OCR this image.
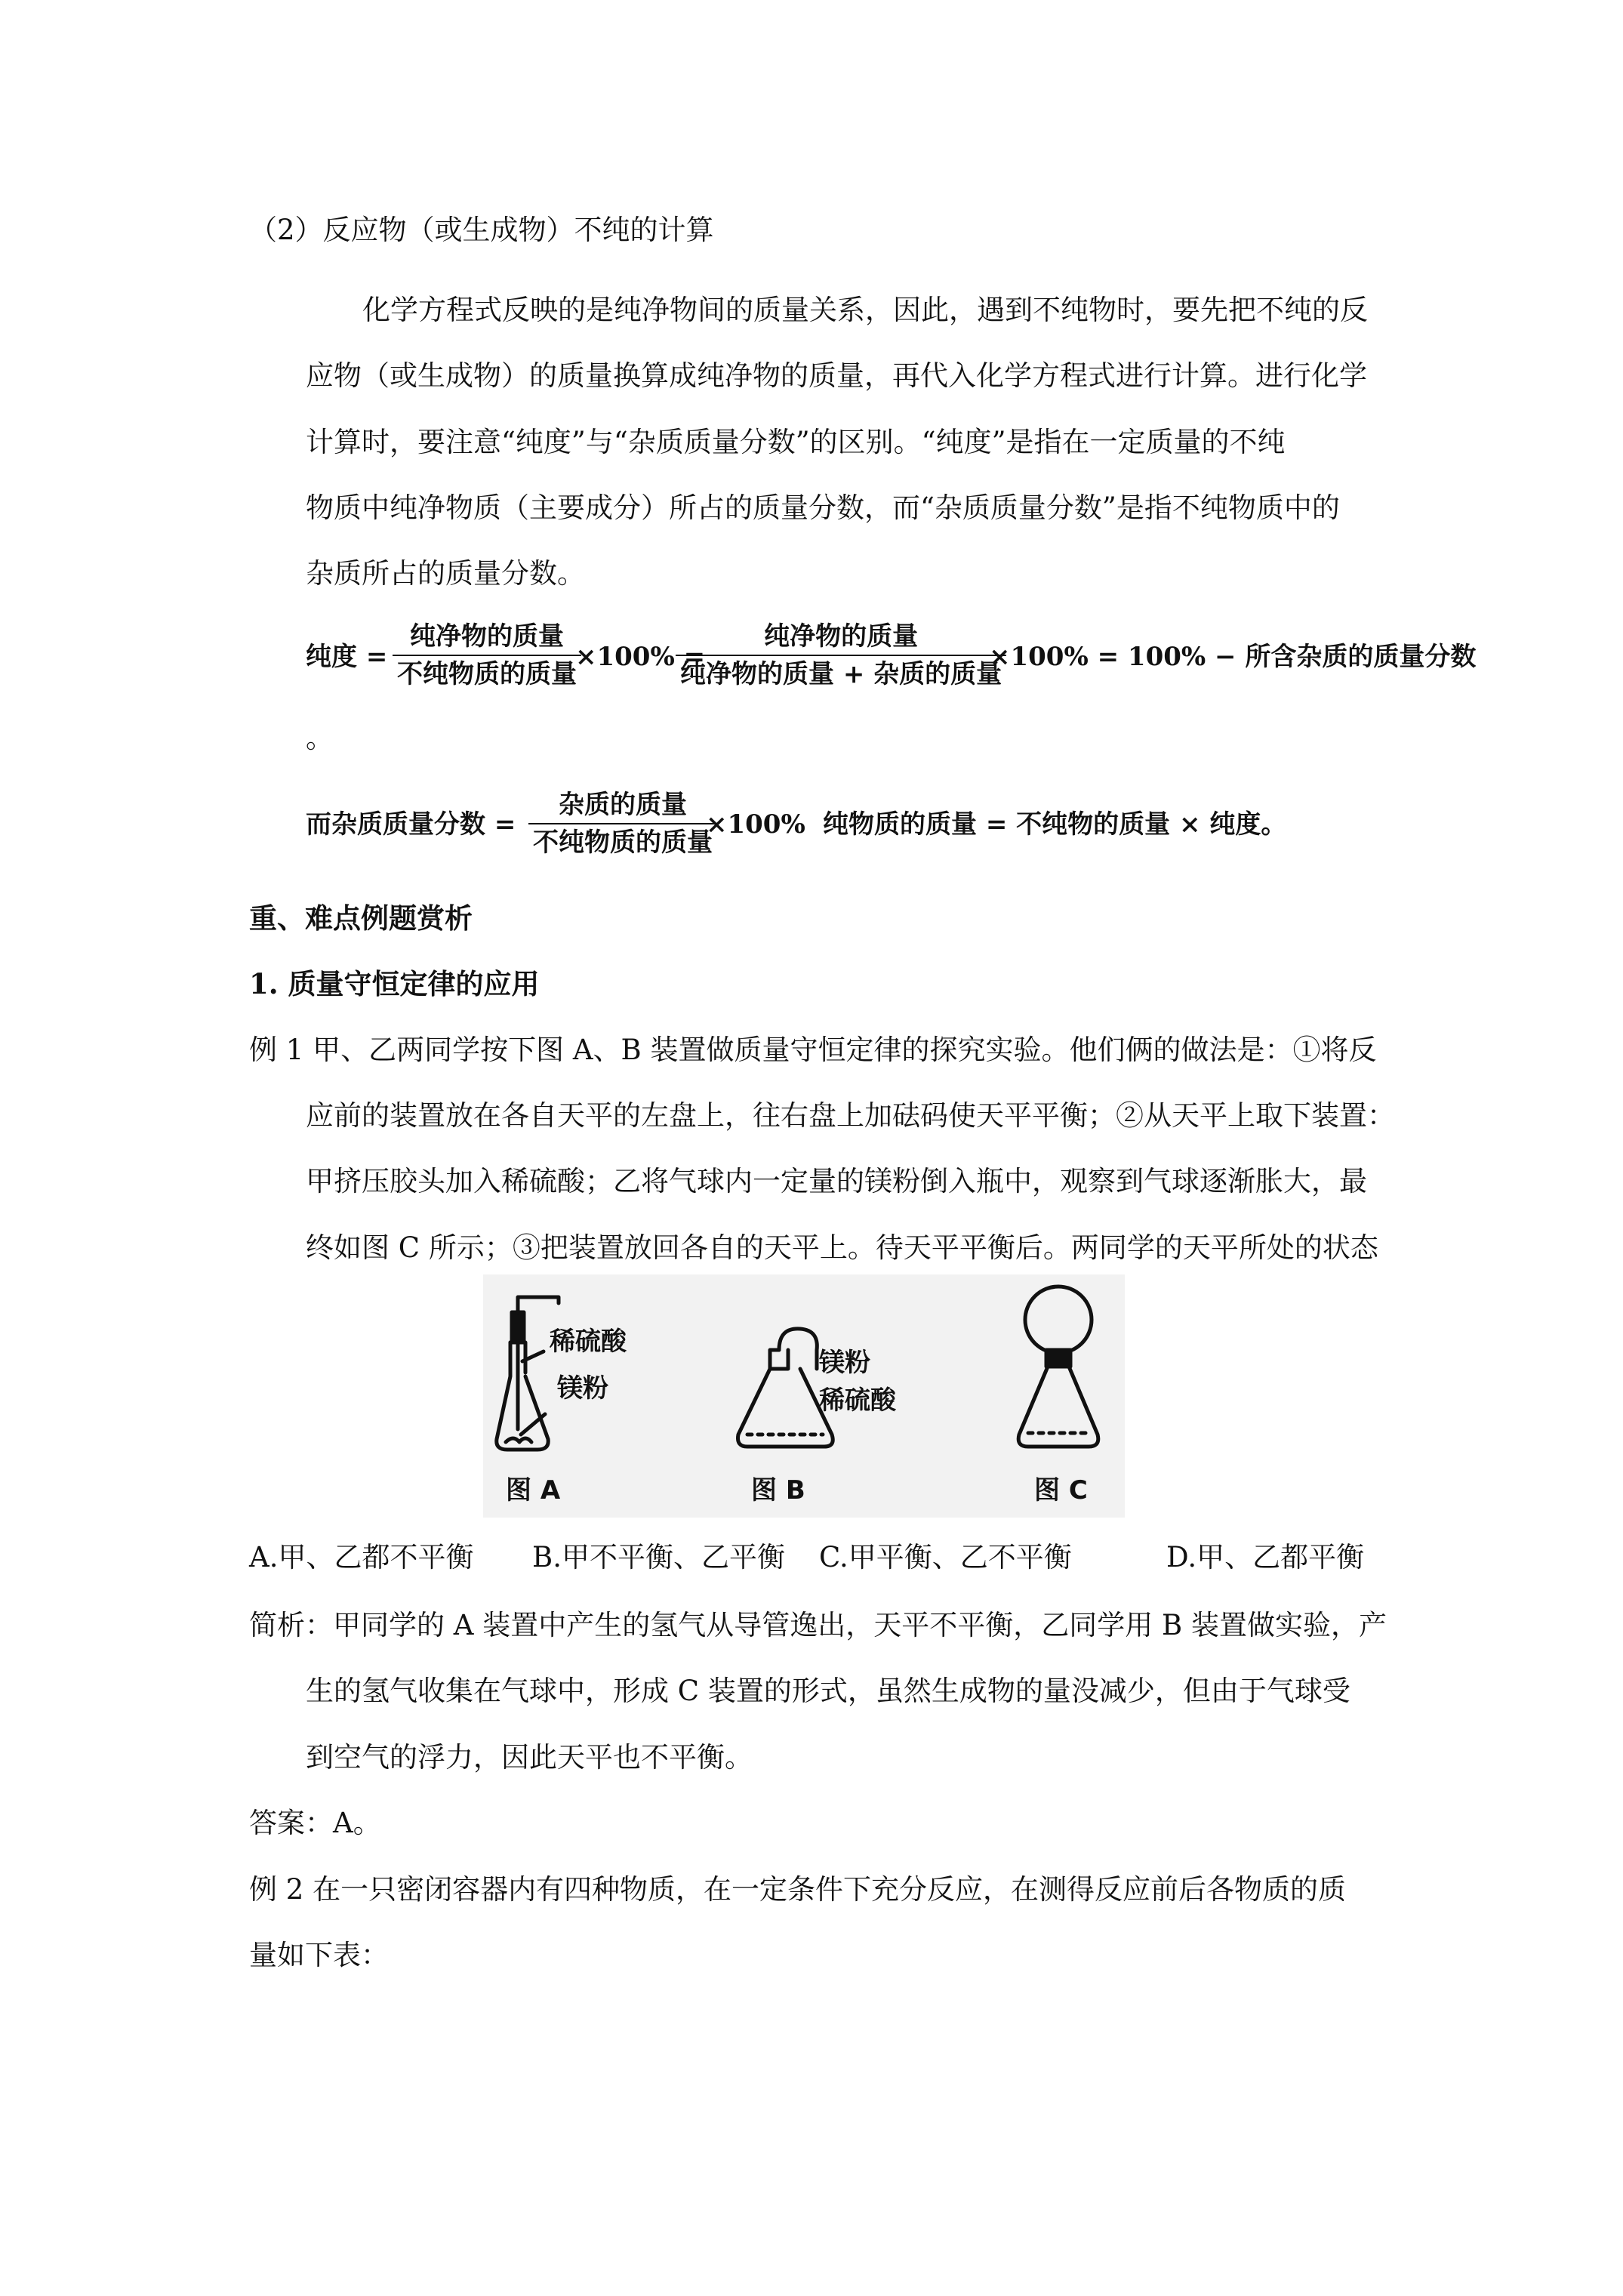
（2）反应物（或生成物）不纯的计算
化学方程式反映的是纯净物间的质量关系，因此，遇到不纯物时，要先把不纯的反
应物（或生成物）的质量换算成纯净物的质量，再代入化学方程式进行计算。进行化学
计算时，要注意“纯度”与“杂质质量分数”的区别。“纯度”是指在一定质量的不纯
物质中纯净物质（主要成分）所占的质量分数，而“杂质质量分数”是指不纯物质中的
杂质所占的质量分数。
纯度 =
纯净物的质量
不纯物质的质量
×100% =
纯净物的质量
纯净物的质量 + 杂质的质量
×100% = 100% − 所含杂质的质量分数
。
而杂质质量分数 =
杂质的质量
不纯物质的质量
×100% 纯物质的质量 = 不纯物的质量 × 纯度。
重、难点例题赏析
1. 质量守恒定律的应用
例 1 甲、乙两同学按下图 A、B 装置做质量守恒定律的探究实验。他们俩的做法是：①将反
应前的装置放在各自天平的左盘上，往右盘上加砝码使天平平衡；②从天平上取下装置：
甲挤压胶头加入稀硫酸；乙将气球内一定量的镁粉倒入瓶中，观察到气球逐渐胀大，最
终如图 C 所示；③把装置放回各自的天平上。待天平平衡后。两同学的天平所处的状态
稀硫酸
镁粉
镁粉
稀硫酸
图 A	图 B	图 C
A.甲、乙都不平衡 B.甲不平衡、乙平衡 C.甲平衡、乙不平衡	D.甲、乙都平衡
简析：甲同学的 A 装置中产生的氢气从导管逸出，天平不平衡，乙同学用 B 装置做实验，产
生的氢气收集在气球中，形成 C 装置的形式，虽然生成物的量没减少，但由于气球受
到空气的浮力，因此天平也不平衡。
答案：A。
例 2 在一只密闭容器内有四种物质，在一定条件下充分反应，在测得反应前后各物质的质
量如下表：
